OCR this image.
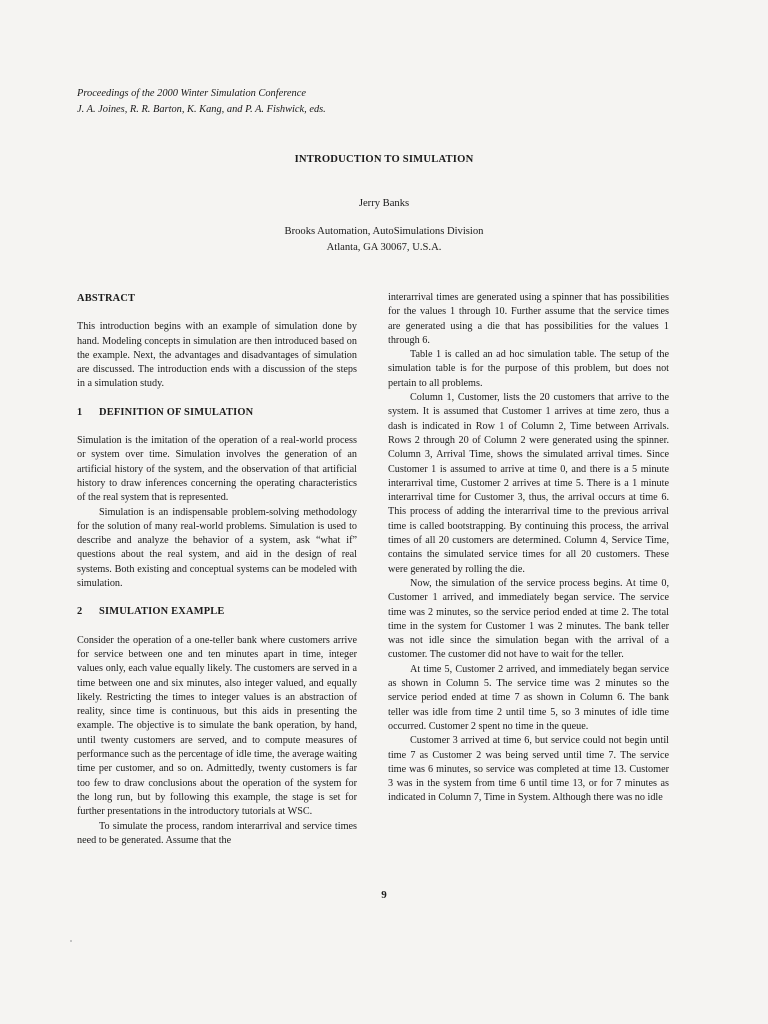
Proceedings of the 2000 Winter Simulation Conference
J. A. Joines, R. R. Barton, K. Kang, and P. A. Fishwick, eds.
INTRODUCTION TO SIMULATION
Jerry Banks
Brooks Automation, AutoSimulations Division
Atlanta, GA 30067, U.S.A.
ABSTRACT

This introduction begins with an example of simulation done by hand. Modeling concepts in simulation are then introduced based on the example. Next, the advantages and disadvantages of simulation are discussed. The introduction ends with a discussion of the steps in a simulation study.

1 DEFINITION OF SIMULATION

Simulation is the imitation of the operation of a real-world process or system over time. Simulation involves the generation of an artificial history of the system, and the observation of that artificial history to draw inferences concerning the operating characteristics of the real system that is represented.

Simulation is an indispensable problem-solving methodology for the solution of many real-world problems. Simulation is used to describe and analyze the behavior of a system, ask “what if” questions about the real system, and aid in the design of real systems. Both existing and conceptual systems can be modeled with simulation.

2 SIMULATION EXAMPLE

Consider the operation of a one-teller bank where customers arrive for service between one and ten minutes apart in time, integer values only, each value equally likely. The customers are served in a time between one and six minutes, also integer valued, and equally likely. Restricting the times to integer values is an abstraction of reality, since time is continuous, but this aids in presenting the example. The objective is to simulate the bank operation, by hand, until twenty customers are served, and to compute measures of performance such as the percentage of idle time, the average waiting time per customer, and so on. Admittedly, twenty customers is far too few to draw conclusions about the operation of the system for the long run, but by following this example, the stage is set for further presentations in the introductory tutorials at WSC.

To simulate the process, random interarrival and service times need to be generated. Assume that the

interarrival times are generated using a spinner that has possibilities for the values 1 through 10. Further assume that the service times are generated using a die that has possibilities for the values 1 through 6.

Table 1 is called an ad hoc simulation table. The setup of the simulation table is for the purpose of this problem, but does not pertain to all problems.

Column 1, Customer, lists the 20 customers that arrive to the system. It is assumed that Customer 1 arrives at time zero, thus a dash is indicated in Row 1 of Column 2, Time between Arrivals. Rows 2 through 20 of Column 2 were generated using the spinner. Column 3, Arrival Time, shows the simulated arrival times. Since Customer 1 is assumed to arrive at time 0, and there is a 5 minute interarrival time, Customer 2 arrives at time 5. There is a 1 minute interarrival time for Customer 3, thus, the arrival occurs at time 6. This process of adding the interarrival time to the previous arrival time is called bootstrapping. By continuing this process, the arrival times of all 20 customers are determined. Column 4, Service Time, contains the simulated service times for all 20 customers. These were generated by rolling the die.

Now, the simulation of the service process begins. At time 0, Customer 1 arrived, and immediately began service. The service time was 2 minutes, so the service period ended at time 2. The total time in the system for Customer 1 was 2 minutes. The bank teller was not idle since the simulation began with the arrival of a customer. The customer did not have to wait for the teller.

At time 5, Customer 2 arrived, and immediately began service as shown in Column 5. The service time was 2 minutes so the service period ended at time 7 as shown in Column 6. The bank teller was idle from time 2 until time 5, so 3 minutes of idle time occurred. Customer 2 spent no time in the queue.

Customer 3 arrived at time 6, but service could not begin until time 7 as Customer 2 was being served until time 7. The service time was 6 minutes, so service was completed at time 13. Customer 3 was in the system from time 6 until time 13, or for 7 minutes as indicated in Column 7, Time in System. Although there was no idle

9
